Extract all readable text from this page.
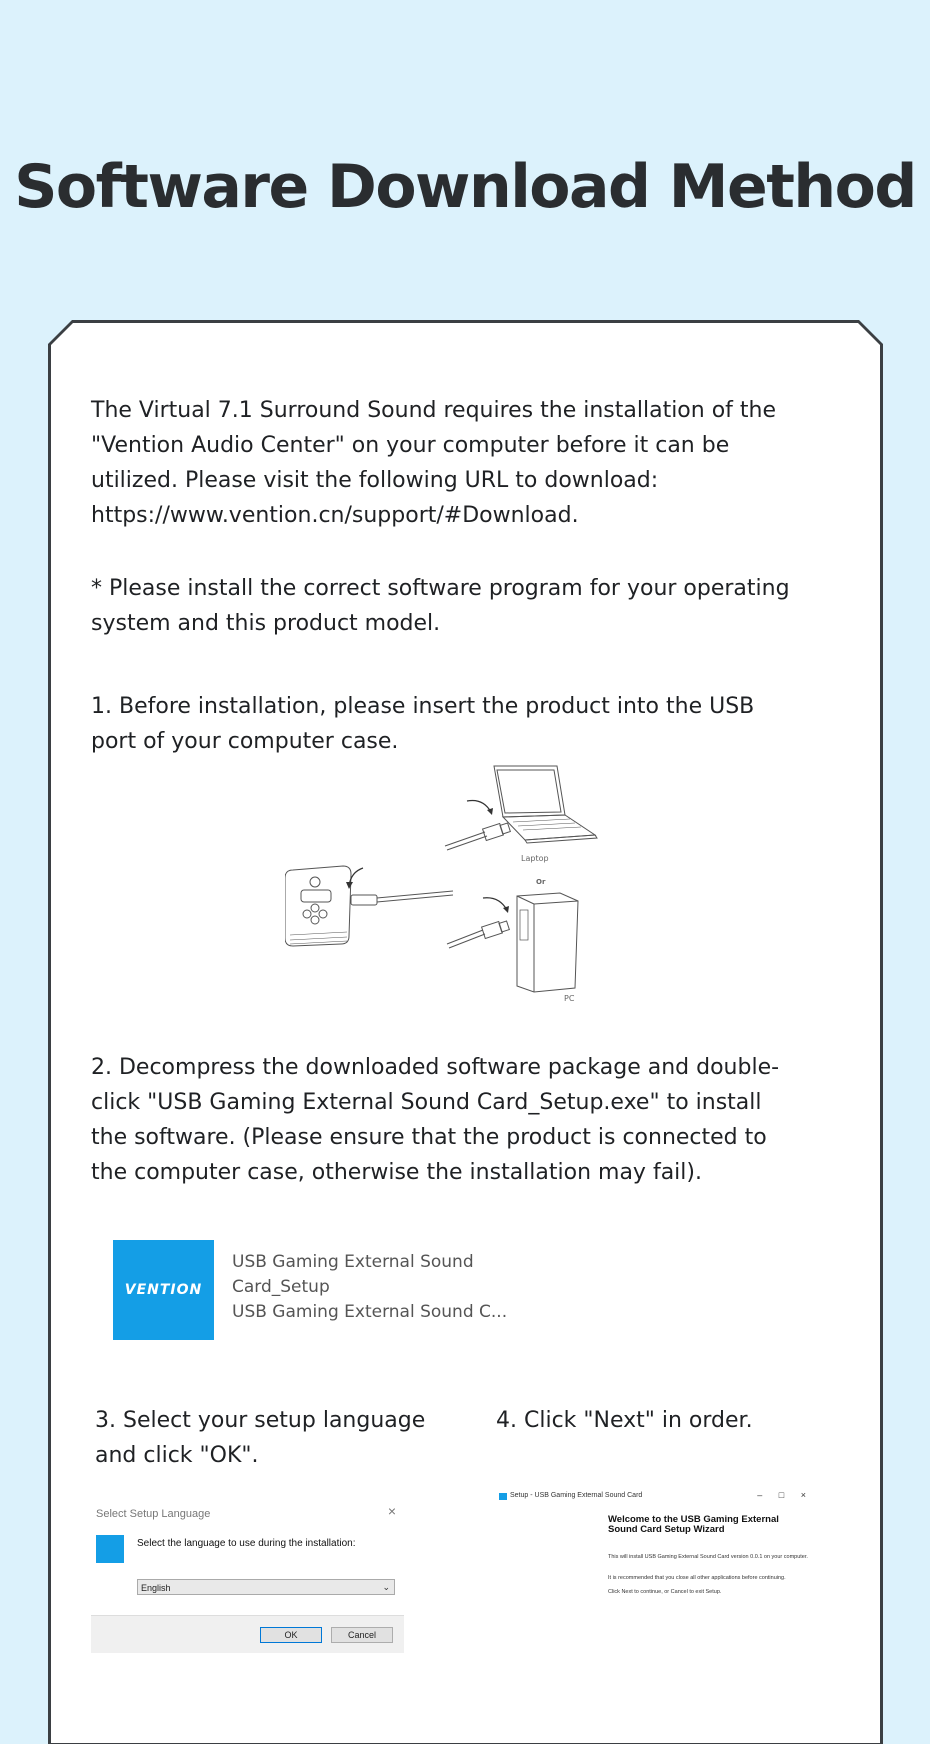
Software Download Method
The Virtual 7.1 Surround Sound requires the installation of the "Vention Audio Center" on your computer before it can be utilized. Please visit the following URL to download: https://www.vention.cn/support/#Download.
* Please install the correct software program for your operating system and this product model.
1. Before installation, please insert the product into the USB port of your computer case.
Laptop
Or
PC
2. Decompress the downloaded software package and double-click "USB Gaming External Sound Card_Setup.exe" to install the software. (Please ensure that the product is connected to the computer case, otherwise the installation may fail).
VENTION
USB Gaming External Sound
Card_Setup
USB Gaming External Sound C...
3. Select your setup language and click "OK".
4. Click "Next" in order.
Select Setup Language	×
Select the language to use during the installation:
English	⌄
OK	Cancel
Setup - USB Gaming External Sound Card	– □ ×
Welcome to the USB Gaming External Sound Card Setup Wizard
This will install USB Gaming External Sound Card version 0.0.1 on your computer.
It is recommended that you close all other applications before continuing.
Click Next to continue, or Cancel to exit Setup.
